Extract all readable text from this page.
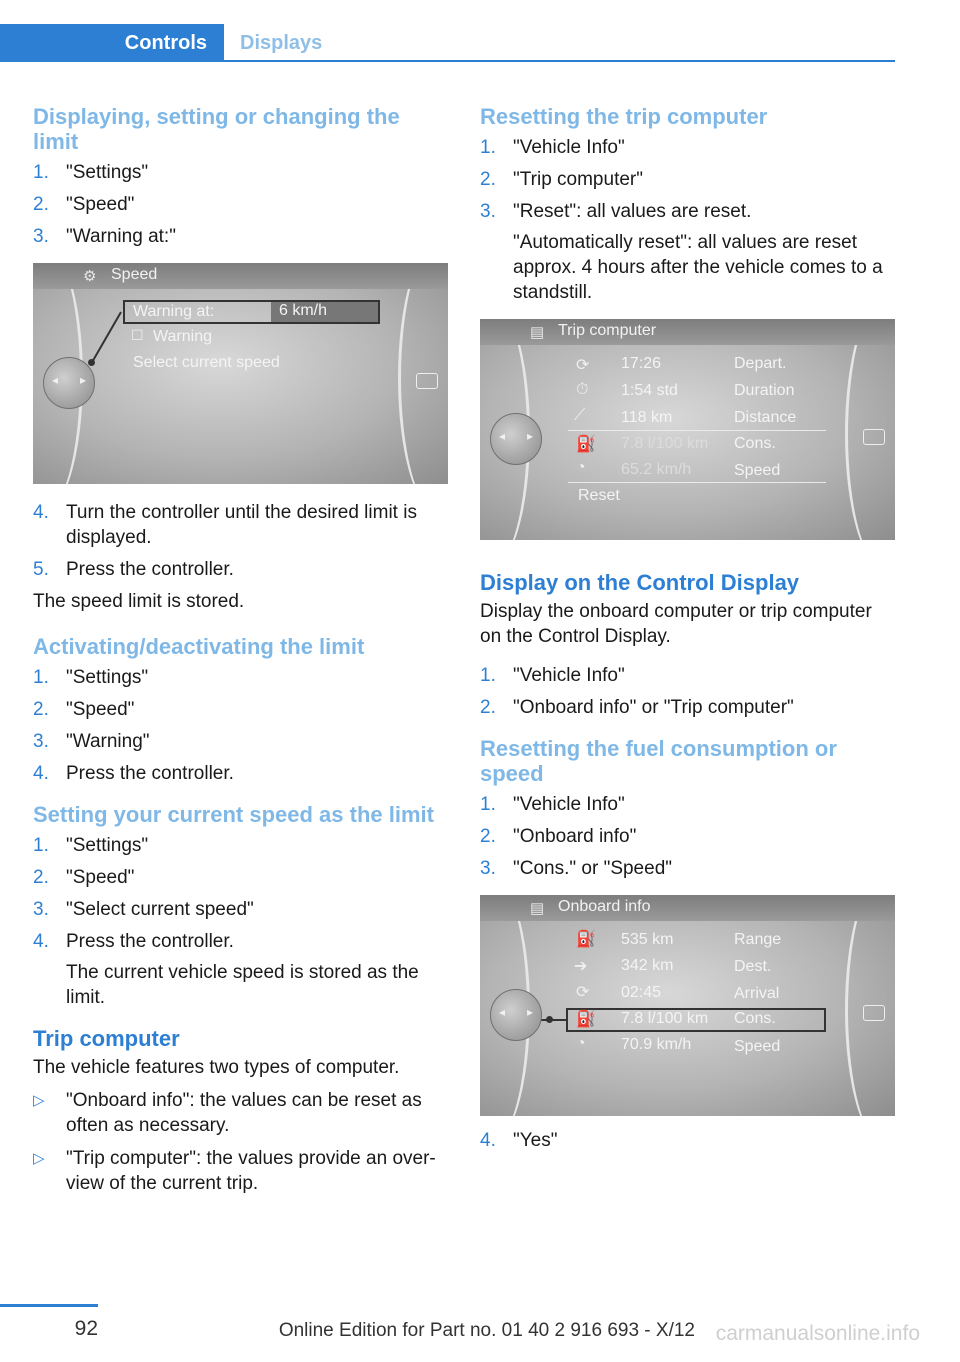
Controls	Displays
Displaying, setting or changing the limit
1. "Settings"
2. "Speed"
3. "Warning at:"
⚙ Speed
Warning at:	6 km/h
☐ Warning
Select current speed
◂ ▸
4. Turn the controller until the desired limit is displayed.
5. Press the controller.

The speed limit is stored.

Activating/deactivating the limit
1. "Settings"
2. "Speed"
3. "Warning"
4. Press the controller.
Setting your current speed as the limit
1. "Settings"
2. "Speed"
3. "Select current speed"
4. Press the controller.
The current vehicle speed is stored as the limit.
Trip computer

The vehicle features two types of computer.

▷ "Onboard info": the values can be reset as often as necessary.
▷ "Trip computer": the values provide an overview of the current trip.
Resetting the trip computer
1. "Vehicle Info"
2. "Trip computer"
3. "Reset": all values are reset.
"Automatically reset": all values are reset approx. 4 hours after the vehicle comes to a standstill.
▤ Trip computer
⟳ 17:26	Depart.
⏱ 1:54 std	Duration
⟋ 118 km	Distance
⛽ 7.8 l/100 km Cons.
◔ 65.2 km/h	Speed
Reset
◂ ▸
Display on the Control Display

Display the onboard computer or trip computer on the Control Display.

1. "Vehicle Info"
2. "Onboard info" or "Trip computer"
Resetting the fuel consumption or speed
1. "Vehicle Info"
2. "Onboard info"
3. "Cons." or "Speed"
▤ Onboard info
⛽ 535 km	Range
➔ 342 km	Dest.
⟳ 02:45	Arrival
⛽ 7.8 l/100 km Cons.
◔ 70.9 km/h	Speed
◂ ▸
4. "Yes"
92	Online Edition for Part no. 01 40 2 916 693 - X/12 carmanualsonline.info
